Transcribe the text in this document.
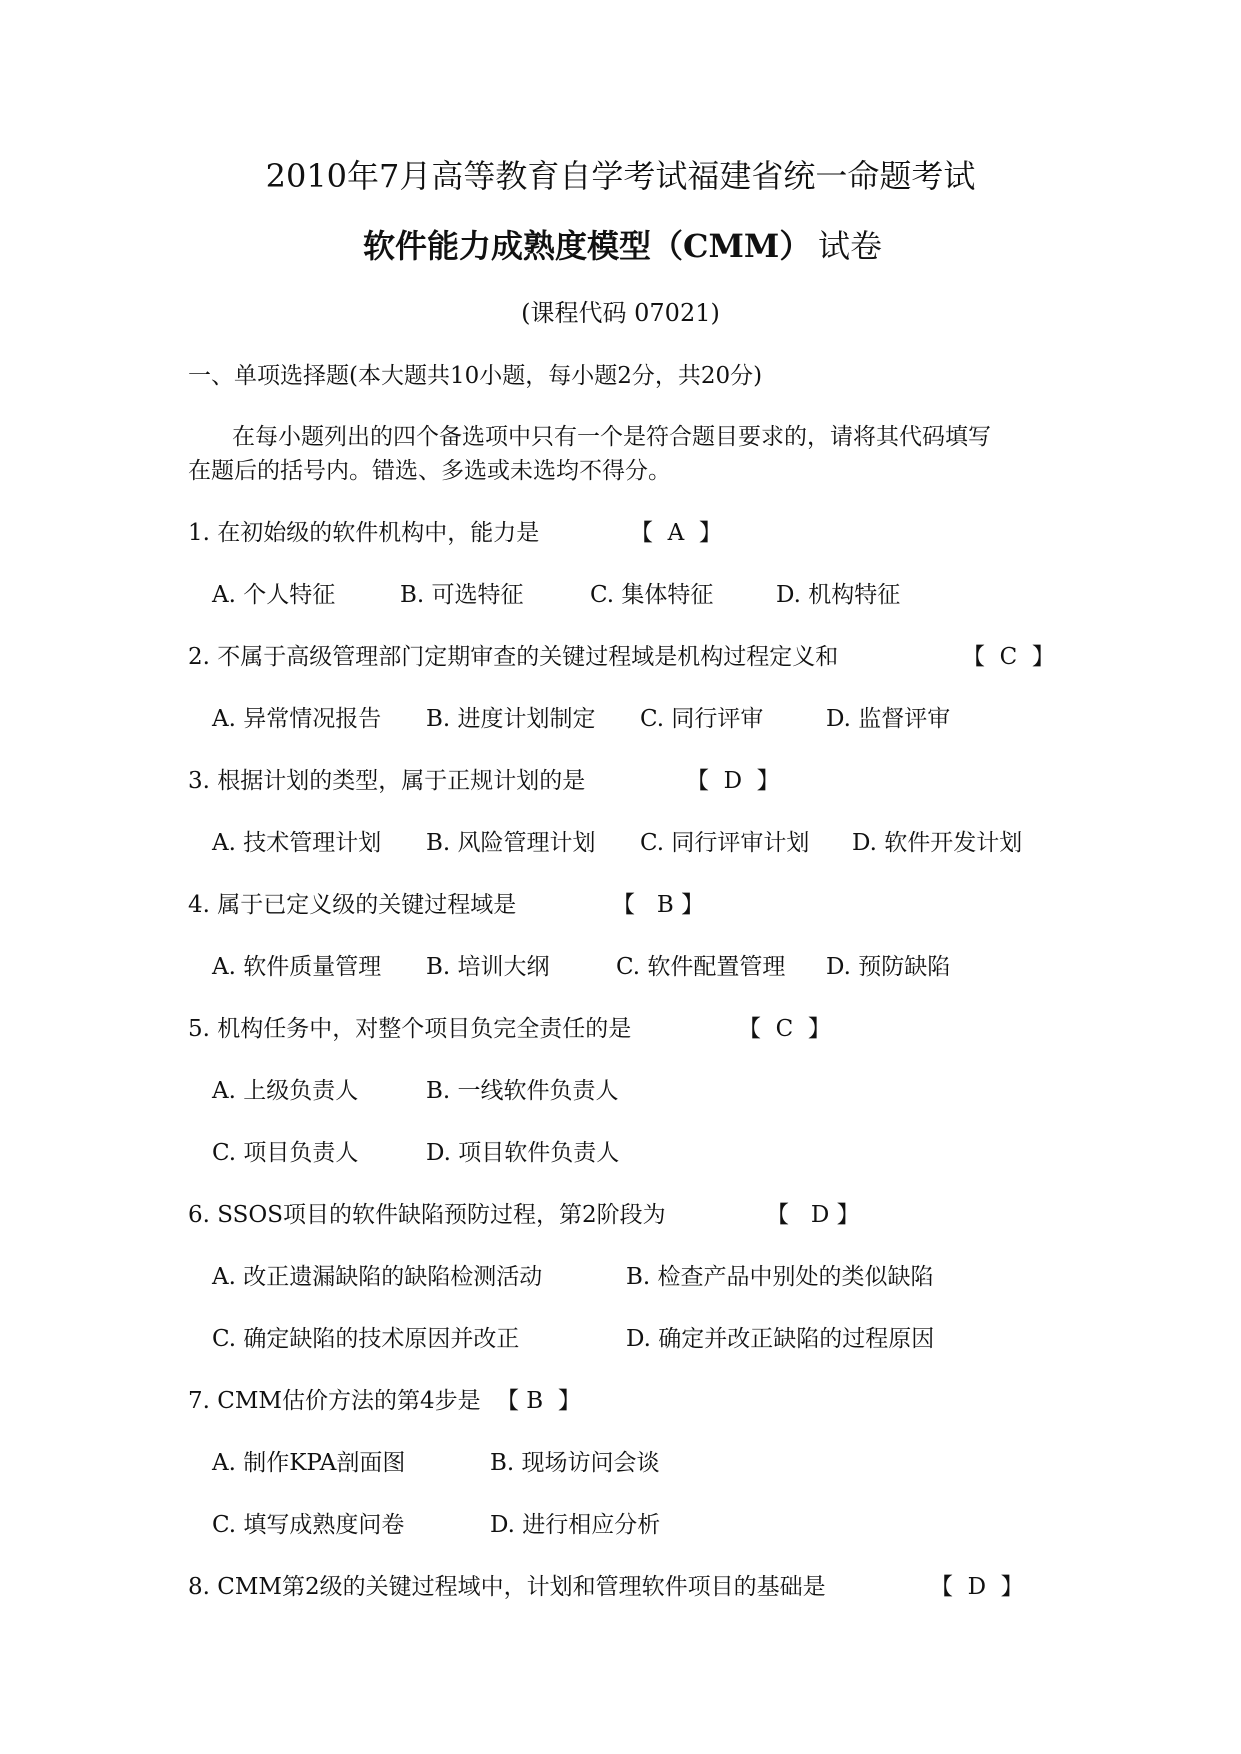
2010年7月高等教育自学考试福建省统一命题考试
软件能力成熟度模型（CMM） 试卷
(课程代码 07021)
一、单项选择题(本大题共10小题，每小题2分，共20分)
在每小题列出的四个备选项中只有一个是符合题目要求的，请将其代码填写
在题后的括号内。错选、多选或未选均不得分。
1. 在初始级的软件机构中，能力是	【  A  】
A. 个人特征	B. 可选特征	C. 集体特征	D. 机构特征
2. 不属于高级管理部门定期审查的关键过程域是机构过程定义和	【  C  】
A. 异常情况报告 B. 进度计划制定 C. 同行评审	D. 监督评审
3. 根据计划的类型，属于正规计划的是	【  D  】
A. 技术管理计划 B. 风险管理计划 C. 同行评审计划 D. 软件开发计划
4. 属于已定义级的关键过程域是	【   B 】
A. 软件质量管理 B. 培训大纲	C. 软件配置管理 D. 预防缺陷
5. 机构任务中，对整个项目负完全责任的是	【  C  】
A. 上级负责人	B. 一线软件负责人
C. 项目负责人	D. 项目软件负责人
6. SSOS项目的软件缺陷预防过程，第2阶段为	【   D 】
A. 改正遗漏缺陷的缺陷检测活动	B. 检查产品中别处的类似缺陷
C. 确定缺陷的技术原因并改正	D. 确定并改正缺陷的过程原因
7. CMM估价方法的第4步是 【 B  】
A. 制作KPA剖面图	B. 现场访问会谈
C. 填写成熟度问卷	D. 进行相应分析
8. CMM第2级的关键过程域中，计划和管理软件项目的基础是	【  D  】
